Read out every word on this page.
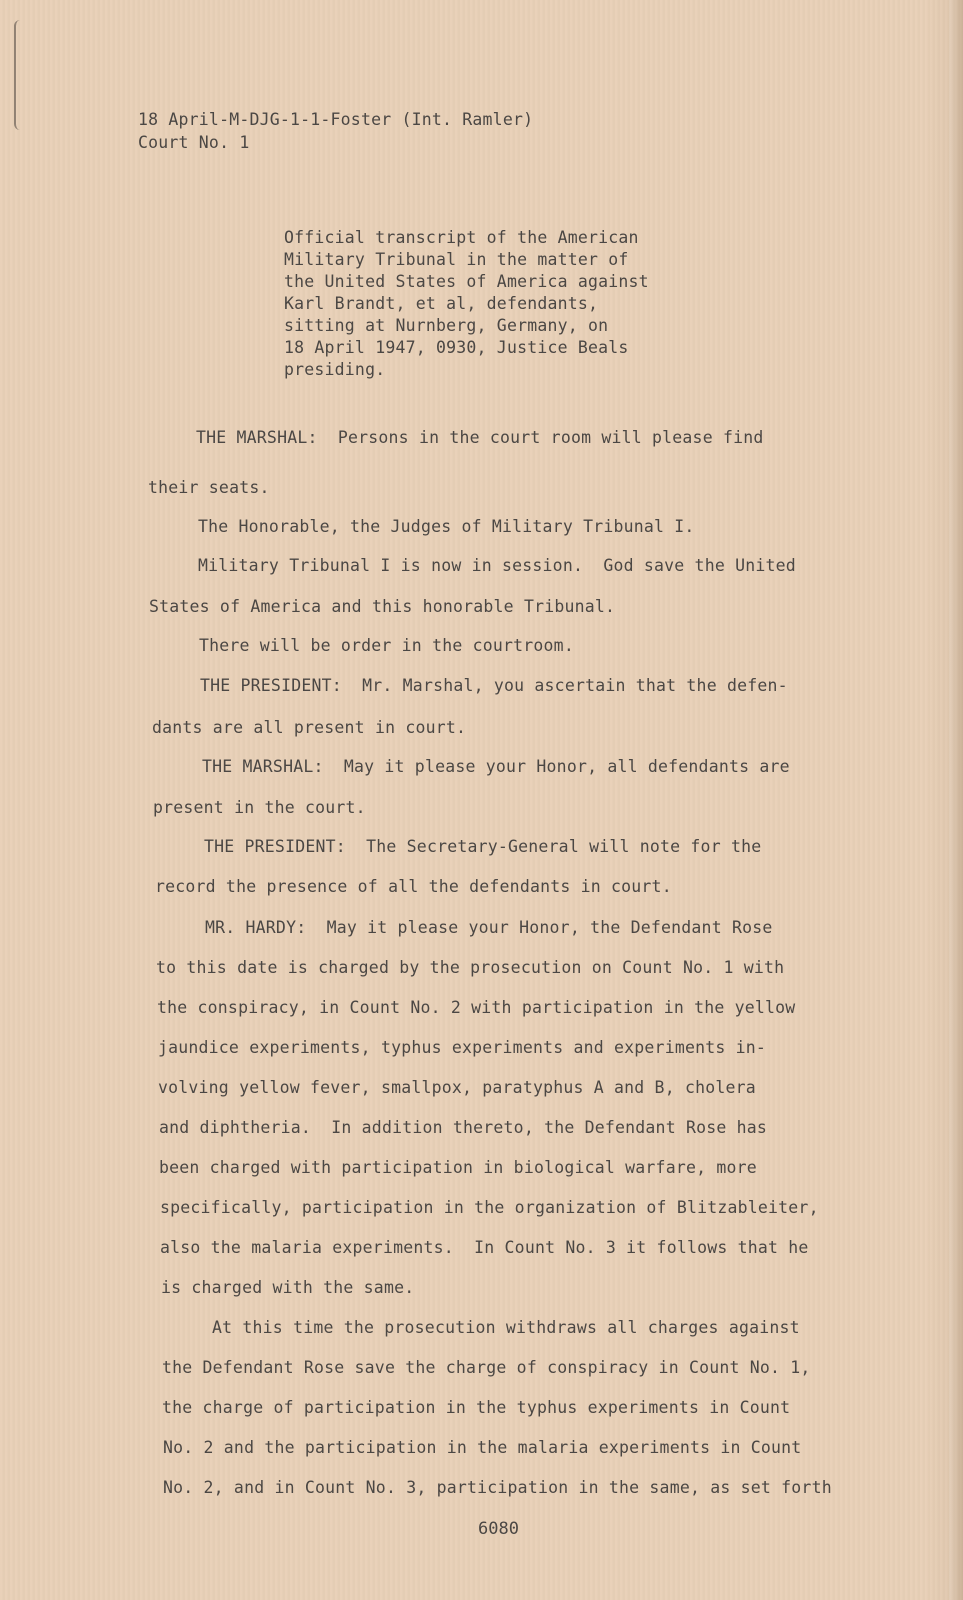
18 April-M-DJG-1-1-Foster (Int. Ramler)
Court No. 1
Official transcript of the American
Military Tribunal in the matter of
the United States of America against
Karl Brandt, et al, defendants,
sitting at Nurnberg, Germany, on
18 April 1947, 0930, Justice Beals
presiding.
THE MARSHAL:  Persons in the court room will please find
their seats.
The Honorable, the Judges of Military Tribunal I.
Military Tribunal I is now in session.  God save the United
States of America and this honorable Tribunal.
There will be order in the courtroom.
THE PRESIDENT:  Mr. Marshal, you ascertain that the defen-
dants are all present in court.
THE MARSHAL:  May it please your Honor, all defendants are
present in the court.
THE PRESIDENT:  The Secretary-General will note for the
record the presence of all the defendants in court.
MR. HARDY:  May it please your Honor, the Defendant Rose
to this date is charged by the prosecution on Count No. 1 with
the conspiracy, in Count No. 2 with participation in the yellow
jaundice experiments, typhus experiments and experiments in-
volving yellow fever, smallpox, paratyphus A and B, cholera
and diphtheria.  In addition thereto, the Defendant Rose has
been charged with participation in biological warfare, more
specifically, participation in the organization of Blitzableiter,
also the malaria experiments.  In Count No. 3 it follows that he
is charged with the same.
At this time the prosecution withdraws all charges against
the Defendant Rose save the charge of conspiracy in Count No. 1,
the charge of participation in the typhus experiments in Count
No. 2 and the participation in the malaria experiments in Count
No. 2, and in Count No. 3, participation in the same, as set forth
6080
